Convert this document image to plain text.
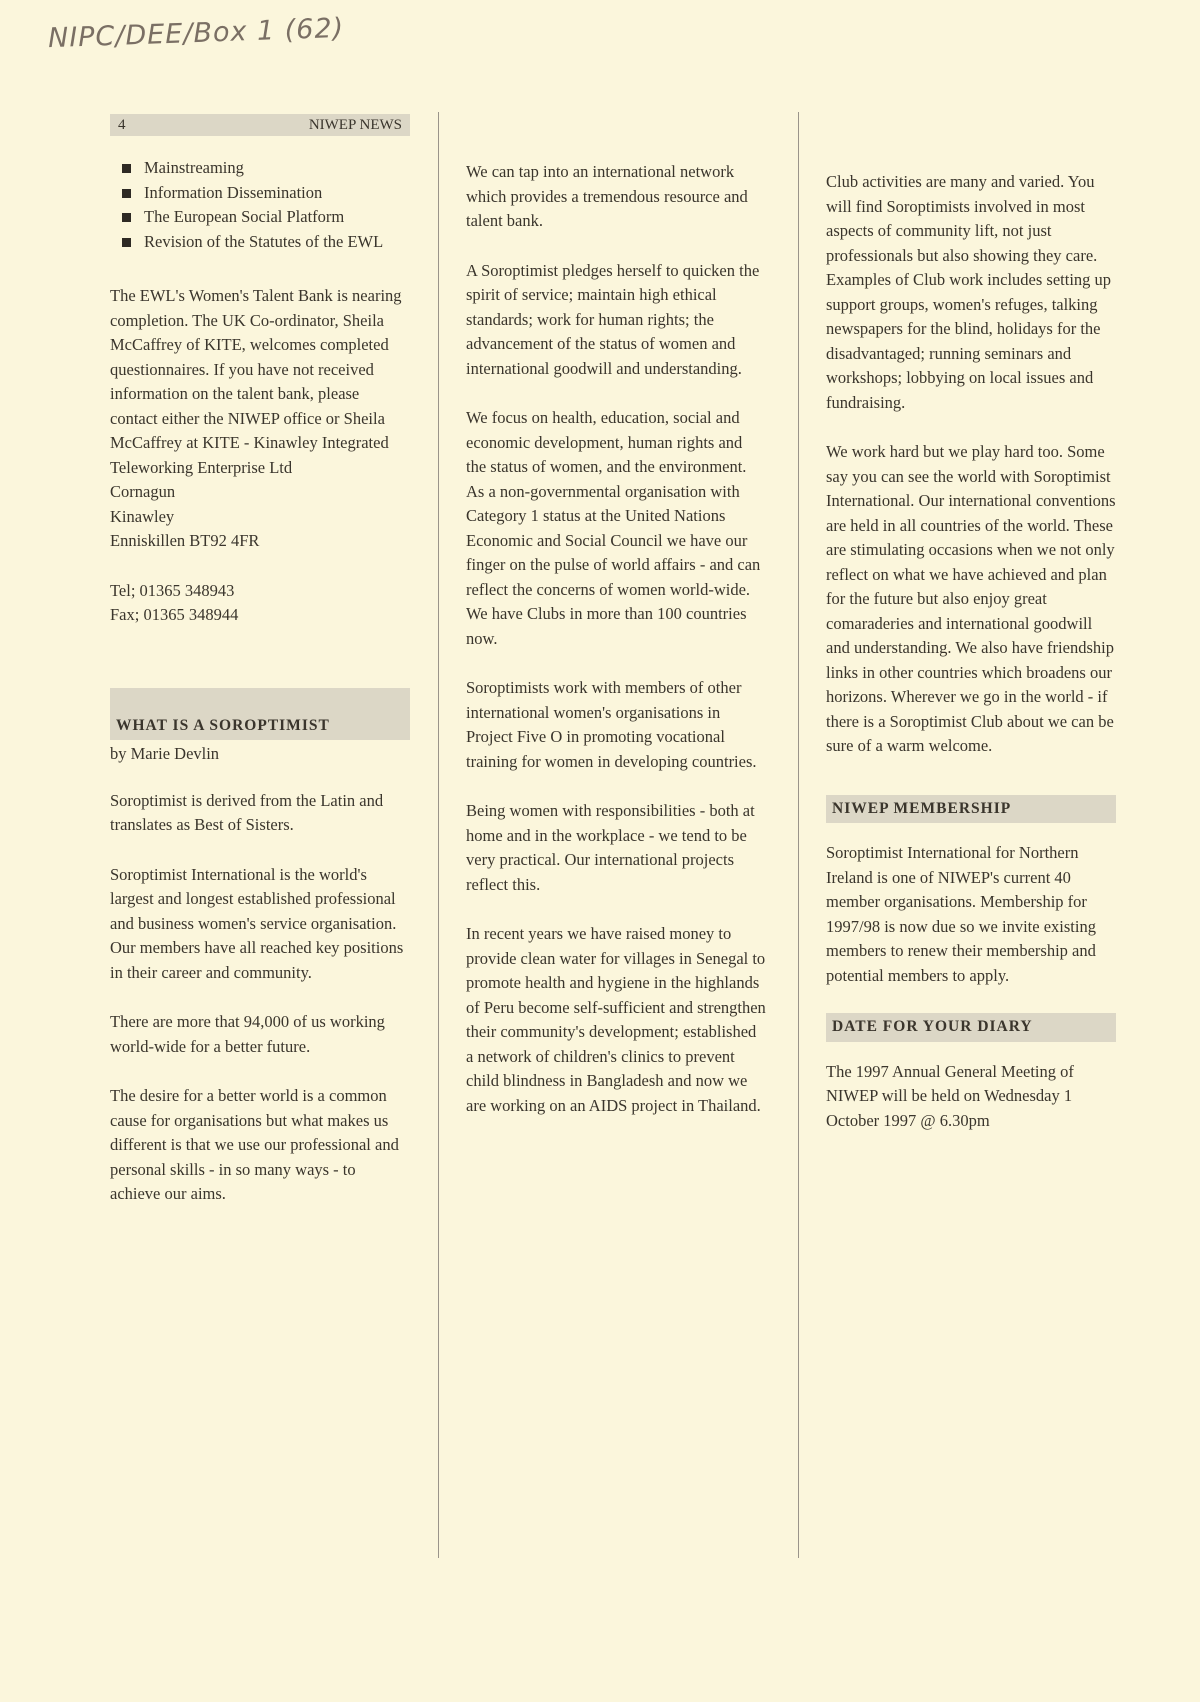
NIPC/DEE/Box 1 (62)
4	NIWEP NEWS
Mainstreaming
Information Dissemination
The European Social Platform
Revision of the Statutes of the EWL

The EWL's Women's Talent Bank is nearing completion. The UK Co-ordinator, Sheila McCaffrey of KITE, welcomes completed questionnaires. If you have not received information on the talent bank, please contact either the NIWEP office or Sheila McCaffrey at KITE - Kinawley Integrated Teleworking Enterprise Ltd

Cornagun
Kinawley
Enniskillen BT92 4FR
Tel; 01365 348943
Fax; 01365 348944
WHAT IS A SOROPTIMIST
by Marie Devlin

Soroptimist is derived from the Latin and translates as Best of Sisters.

Soroptimist International is the world's largest and longest established professional and business women's service organisation. Our members have all reached key positions in their career and community.

There are more that 94,000 of us working world-wide for a better future.

The desire for a better world is a common cause for organisations but what makes us different is that we use our professional and personal skills - in so many ways - to achieve our aims.

We can tap into an international network which provides a tremendous resource and talent bank.

A Soroptimist pledges herself to quicken the spirit of service; maintain high ethical standards; work for human rights; the advancement of the status of women and international goodwill and understanding.

We focus on health, education, social and economic development, human rights and the status of women, and the environment. As a non-governmental organisation with Category 1 status at the United Nations Economic and Social Council we have our finger on the pulse of world affairs - and can reflect the concerns of women world-wide. We have Clubs in more than 100 countries now.

Soroptimists work with members of other international women's organisations in Project Five O in promoting vocational training for women in developing countries.

Being women with responsibilities - both at home and in the workplace - we tend to be very practical. Our international projects reflect this.

In recent years we have raised money to provide clean water for villages in Senegal to promote health and hygiene in the highlands of Peru become self-sufficient and strengthen their community's development; established a network of children's clinics to prevent child blindness in Bangladesh and now we are working on an AIDS project in Thailand.

Club activities are many and varied. You will find Soroptimists involved in most aspects of community lift, not just professionals but also showing they care. Examples of Club work includes setting up support groups, women's refuges, talking newspapers for the blind, holidays for the disadvantaged; running seminars and workshops; lobbying on local issues and fundraising.

We work hard but we play hard too. Some say you can see the world with Soroptimist International. Our international conventions are held in all countries of the world. These are stimulating occasions when we not only reflect on what we have achieved and plan for the future but also enjoy great comaraderies and international goodwill and understanding. We also have friendship links in other countries which broadens our horizons. Wherever we go in the world - if there is a Soroptimist Club about we can be sure of a warm welcome.

NIWEP MEMBERSHIP

Soroptimist International for Northern Ireland is one of NIWEP's current 40 member organisations. Membership for 1997/98 is now due so we invite existing members to renew their membership and potential members to apply.

DATE FOR YOUR DIARY

The 1997 Annual General Meeting of NIWEP will be held on Wednesday 1 October 1997 @ 6.30pm
